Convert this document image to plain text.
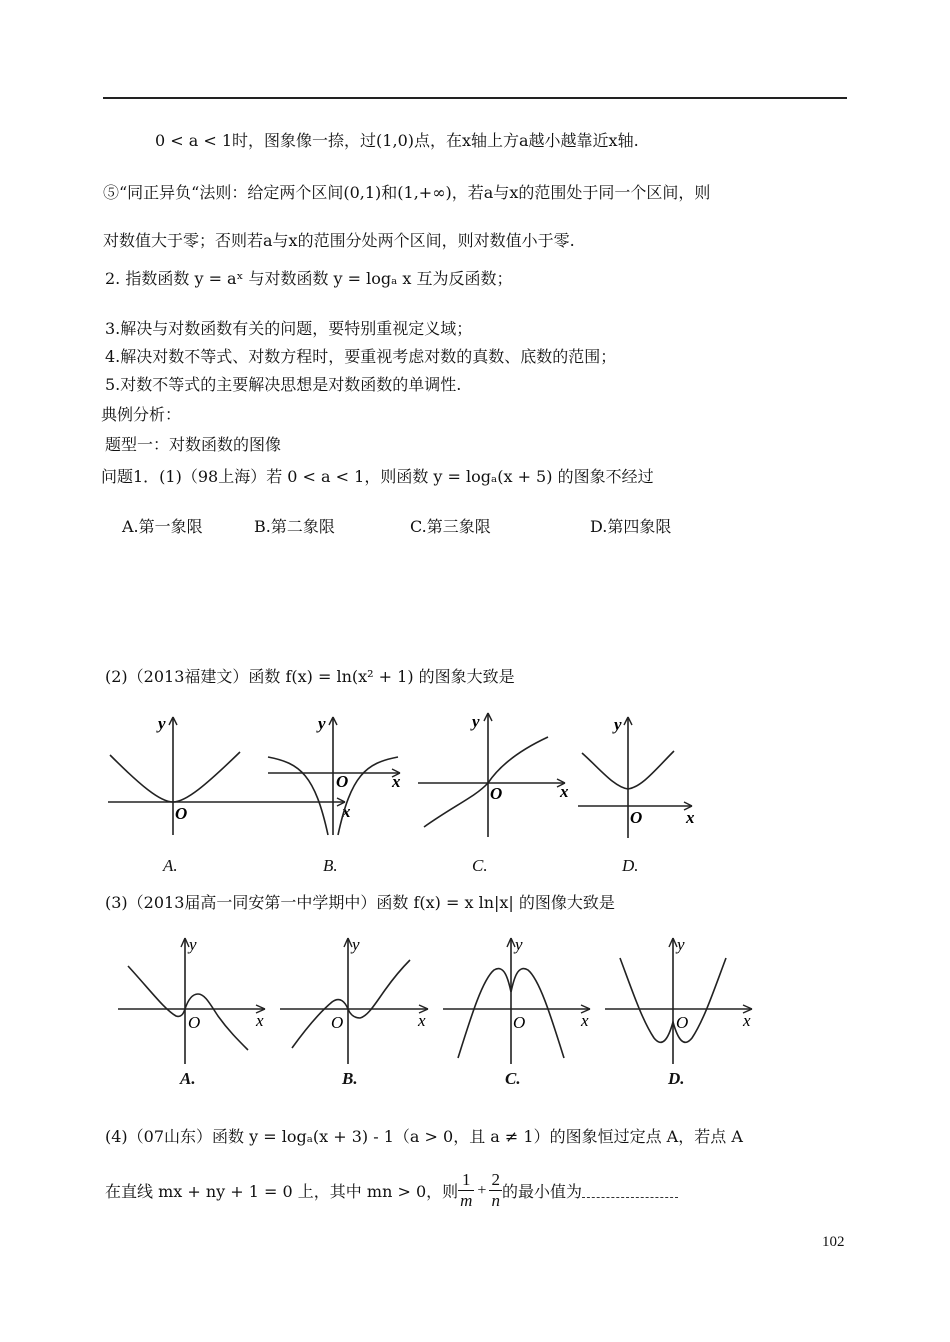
0 < a < 1时，图象像一捺，过(1,0)点，在x轴上方a越小越靠近x轴.
⑤“同正异负“法则：给定两个区间(0,1)和(1,+∞)，若a与x的范围处于同一个区间，则
对数值大于零；否则若a与x的范围分处两个区间，则对数值小于零.
2. 指数函数 y = aˣ 与对数函数 y = logₐ x 互为反函数；
3.解决与对数函数有关的问题，要特别重视定义域；
4.解决对数不等式、对数方程时，要重视考虑对数的真数、底数的范围；
5.对数不等式的主要解决思想是对数函数的单调性.
典例分析：
题型一：对数函数的图像
问题1．(1)（98上海）若 0 < a < 1，则函数 y = logₐ(x + 5) 的图象不经过
A.第一象限	B.第二象限	C.第三象限	D.第四象限
(2)（2013福建文）函数 f(x) = ln(x² + 1) 的图象大致是
y
x
O
y
x
O
y
x
O
y
x
O
A.	B.	C.	D.
(3)（2013届高一同安第一中学期中）函数 f(x) = x ln|x| 的图像大致是
y
x
O
y
x
O
y
x
O
y
x
O
A.	B.	C.	D.
(4)（07山东）函数 y = logₐ(x + 3) - 1（a > 0，且 a ≠ 1）的图象恒过定点 A，若点 A
在直线 mx + ny + 1 = 0 上，其中 mn > 0，则 $\frac{1}{m} + \frac{2}{n}$ 的最小值为
102
